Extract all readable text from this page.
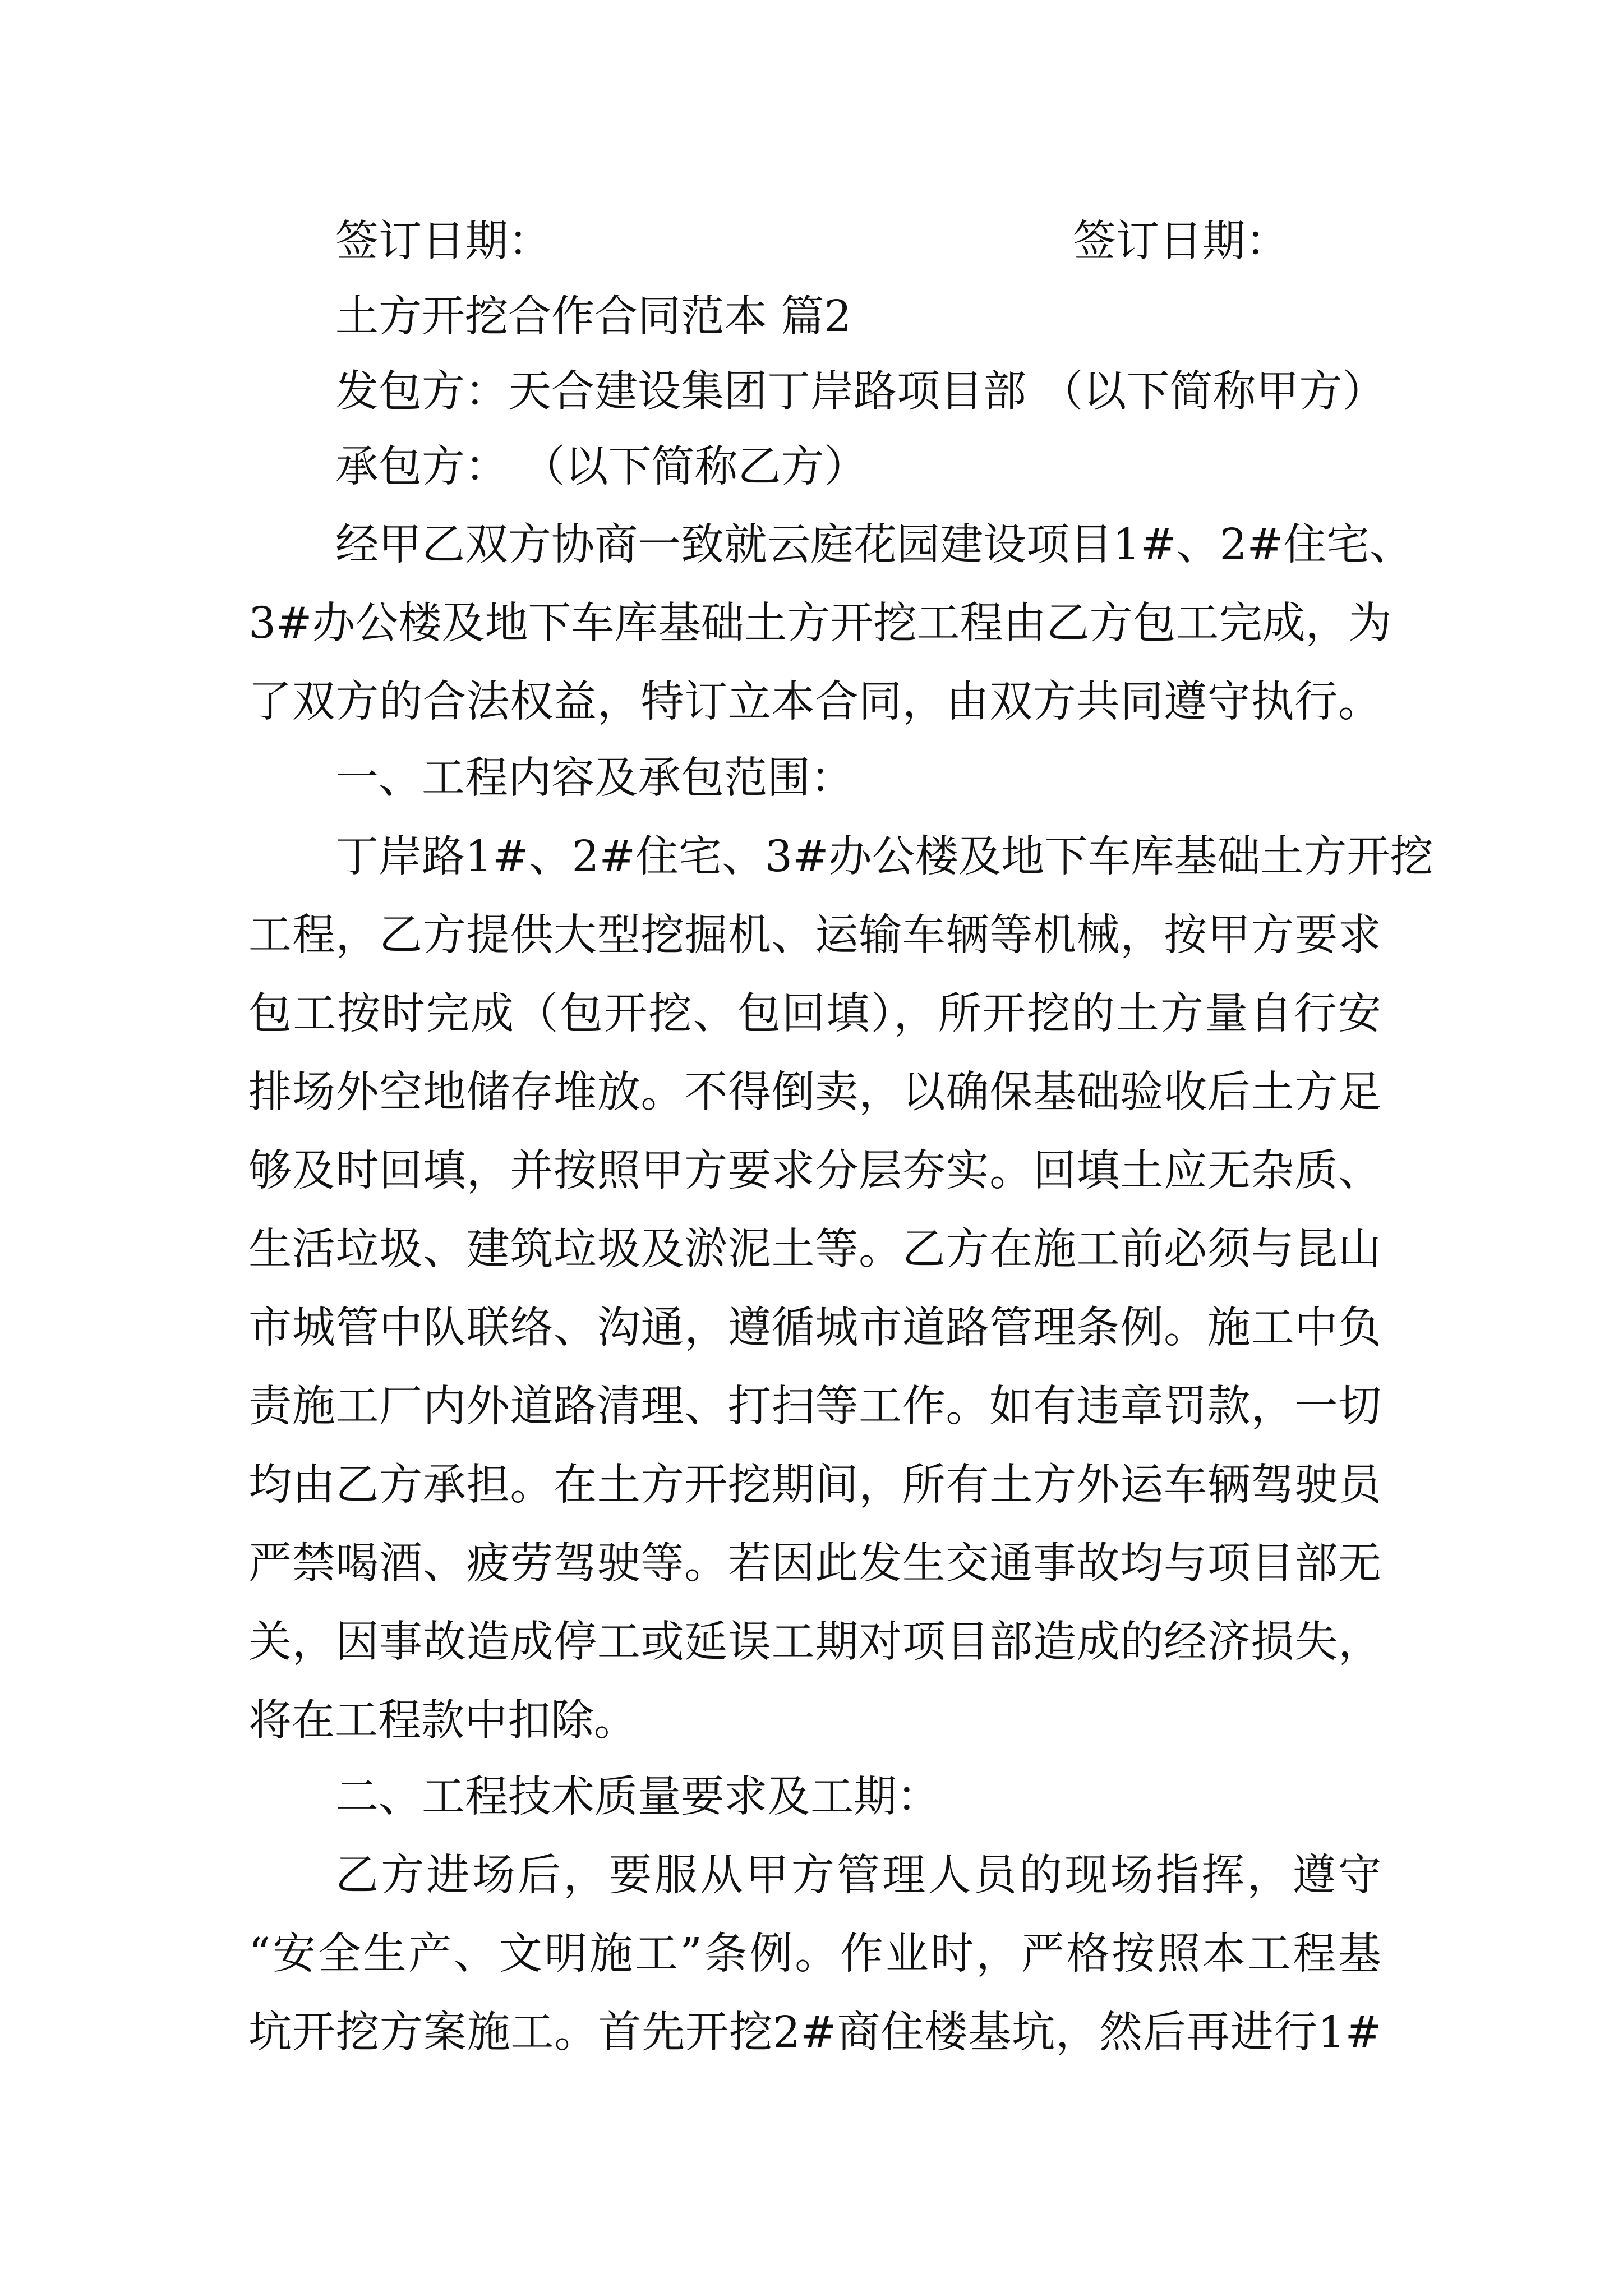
签订日期：	签订日期：
土方开挖合作合同范本 篇2
发包方：天合建设集团丁岸路项目部 （以下简称甲方）
承包方： （以下简称乙方）
经甲乙双方协商一致就云庭花园建设项目1#、2#住宅、
3#办公楼及地下车库基础土方开挖工程由乙方包工完成，为
了双方的合法权益，特订立本合同，由双方共同遵守执行。
一、工程内容及承包范围：
丁岸路1#、2#住宅、3#办公楼及地下车库基础土方开挖
工程，乙方提供大型挖掘机、运输车辆等机械，按甲方要求
包工按时完成（包开挖、包回填），所开挖的土方量自行安
排场外空地储存堆放。不得倒卖，以确保基础验收后土方足
够及时回填，并按照甲方要求分层夯实。回填土应无杂质、
生活垃圾、建筑垃圾及淤泥土等。乙方在施工前必须与昆山
市城管中队联络、沟通，遵循城市道路管理条例。施工中负
责施工厂内外道路清理、打扫等工作。如有违章罚款，一切
均由乙方承担。在土方开挖期间，所有土方外运车辆驾驶员
严禁喝酒、疲劳驾驶等。若因此发生交通事故均与项目部无
关，因事故造成停工或延误工期对项目部造成的经济损失，
将在工程款中扣除。
二、工程技术质量要求及工期：
乙方进场后，要服从甲方管理人员的现场指挥，遵守
“安全生产、文明施工”条例。作业时，严格按照本工程基
坑开挖方案施工。首先开挖2#商住楼基坑，然后再进行1#
